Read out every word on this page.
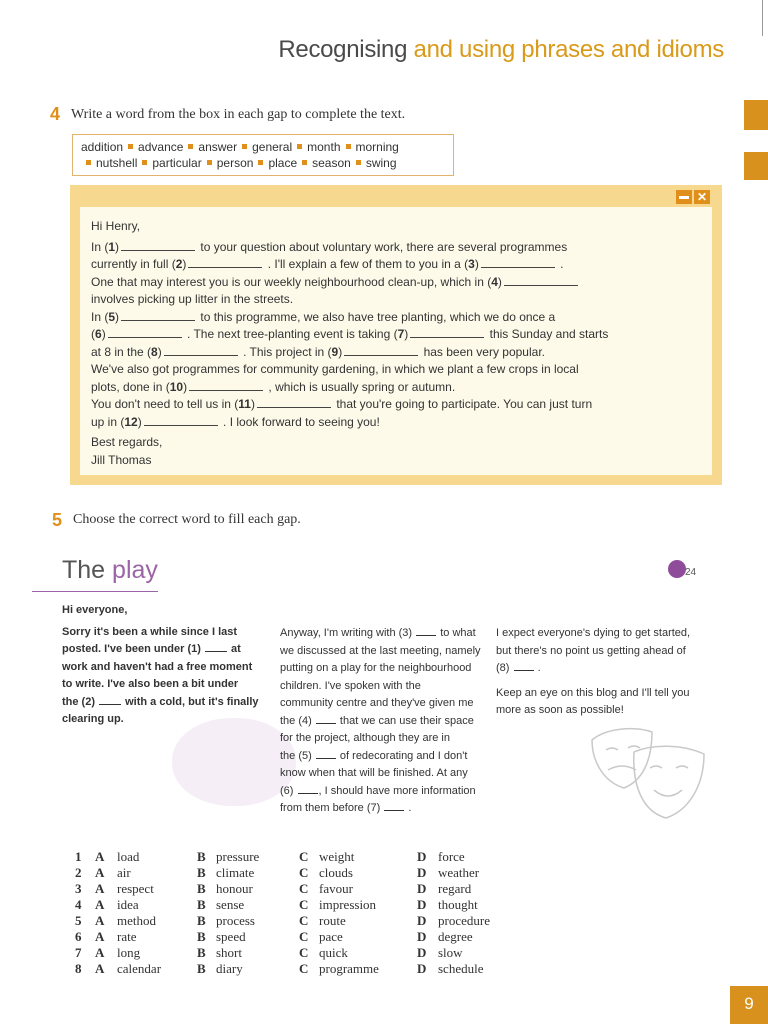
Recognising and using phrases and idioms
4 Write a word from the box in each gap to complete the text.
addition advance answer general month morning
nutshell particular person place season swing
✕

Hi Henry,

In (1)	to your question about voluntary work, there are several programmes

currently in full (2)	. I'll explain a few of them to you in a (3)	.

One that may interest you is our weekly neighbourhood clean-up, which in (4)

involves picking up litter in the streets.

In (5)	to this programme, we also have tree planting, which we do once a

(6)	. The next tree-planting event is taking (7)	this Sunday and starts

at 8 in the (8)	. This project in (9)	has been very popular.

We've also got programmes for community gardening, in which we plant a few crops in local

plots, done in (10)	, which is usually spring or autumn.

You don't need to tell us in (11)	that you're going to participate. You can just turn

up in (12)	. I look forward to seeing you!

Best regards,

Jill Thomas

5 Choose the correct word to fill each gap.
The play	24

Hi everyone,

Sorry it's been a while since I last

posted. I've been under (1)	at

work and haven't had a free moment

to write. I've also been a bit under

the (2)	with a cold, but it's finally

clearing up.

Anyway, I'm writing with (3)	to what

we discussed at the last meeting, namely

putting on a play for the neighbourhood

children. I've spoken with the

community centre and they've given me

the (4)	that we can use their space

for the project, although they are in

the (5)	of redecorating and I don't

know when that will be finished. At any

(6) , I should have more information

from them before (7)	.

I expect everyone's dying to get started,

but there's no point us getting ahead of

(8)	.

Keep an eye on this blog and I'll tell you

more as soon as possible!

1 A load	B pressure	C weight	D force
2 A air	B climate	C clouds	D weather
3 A respect	B honour	C favour	D regard
4 A idea	B sense	C impression	D thought
5 A method	B process	C route	D procedure
6 A rate	B speed	C pace	D degree
7 A long	B short	C quick	D slow
8 A calendar	B diary	C programme	D schedule
9
